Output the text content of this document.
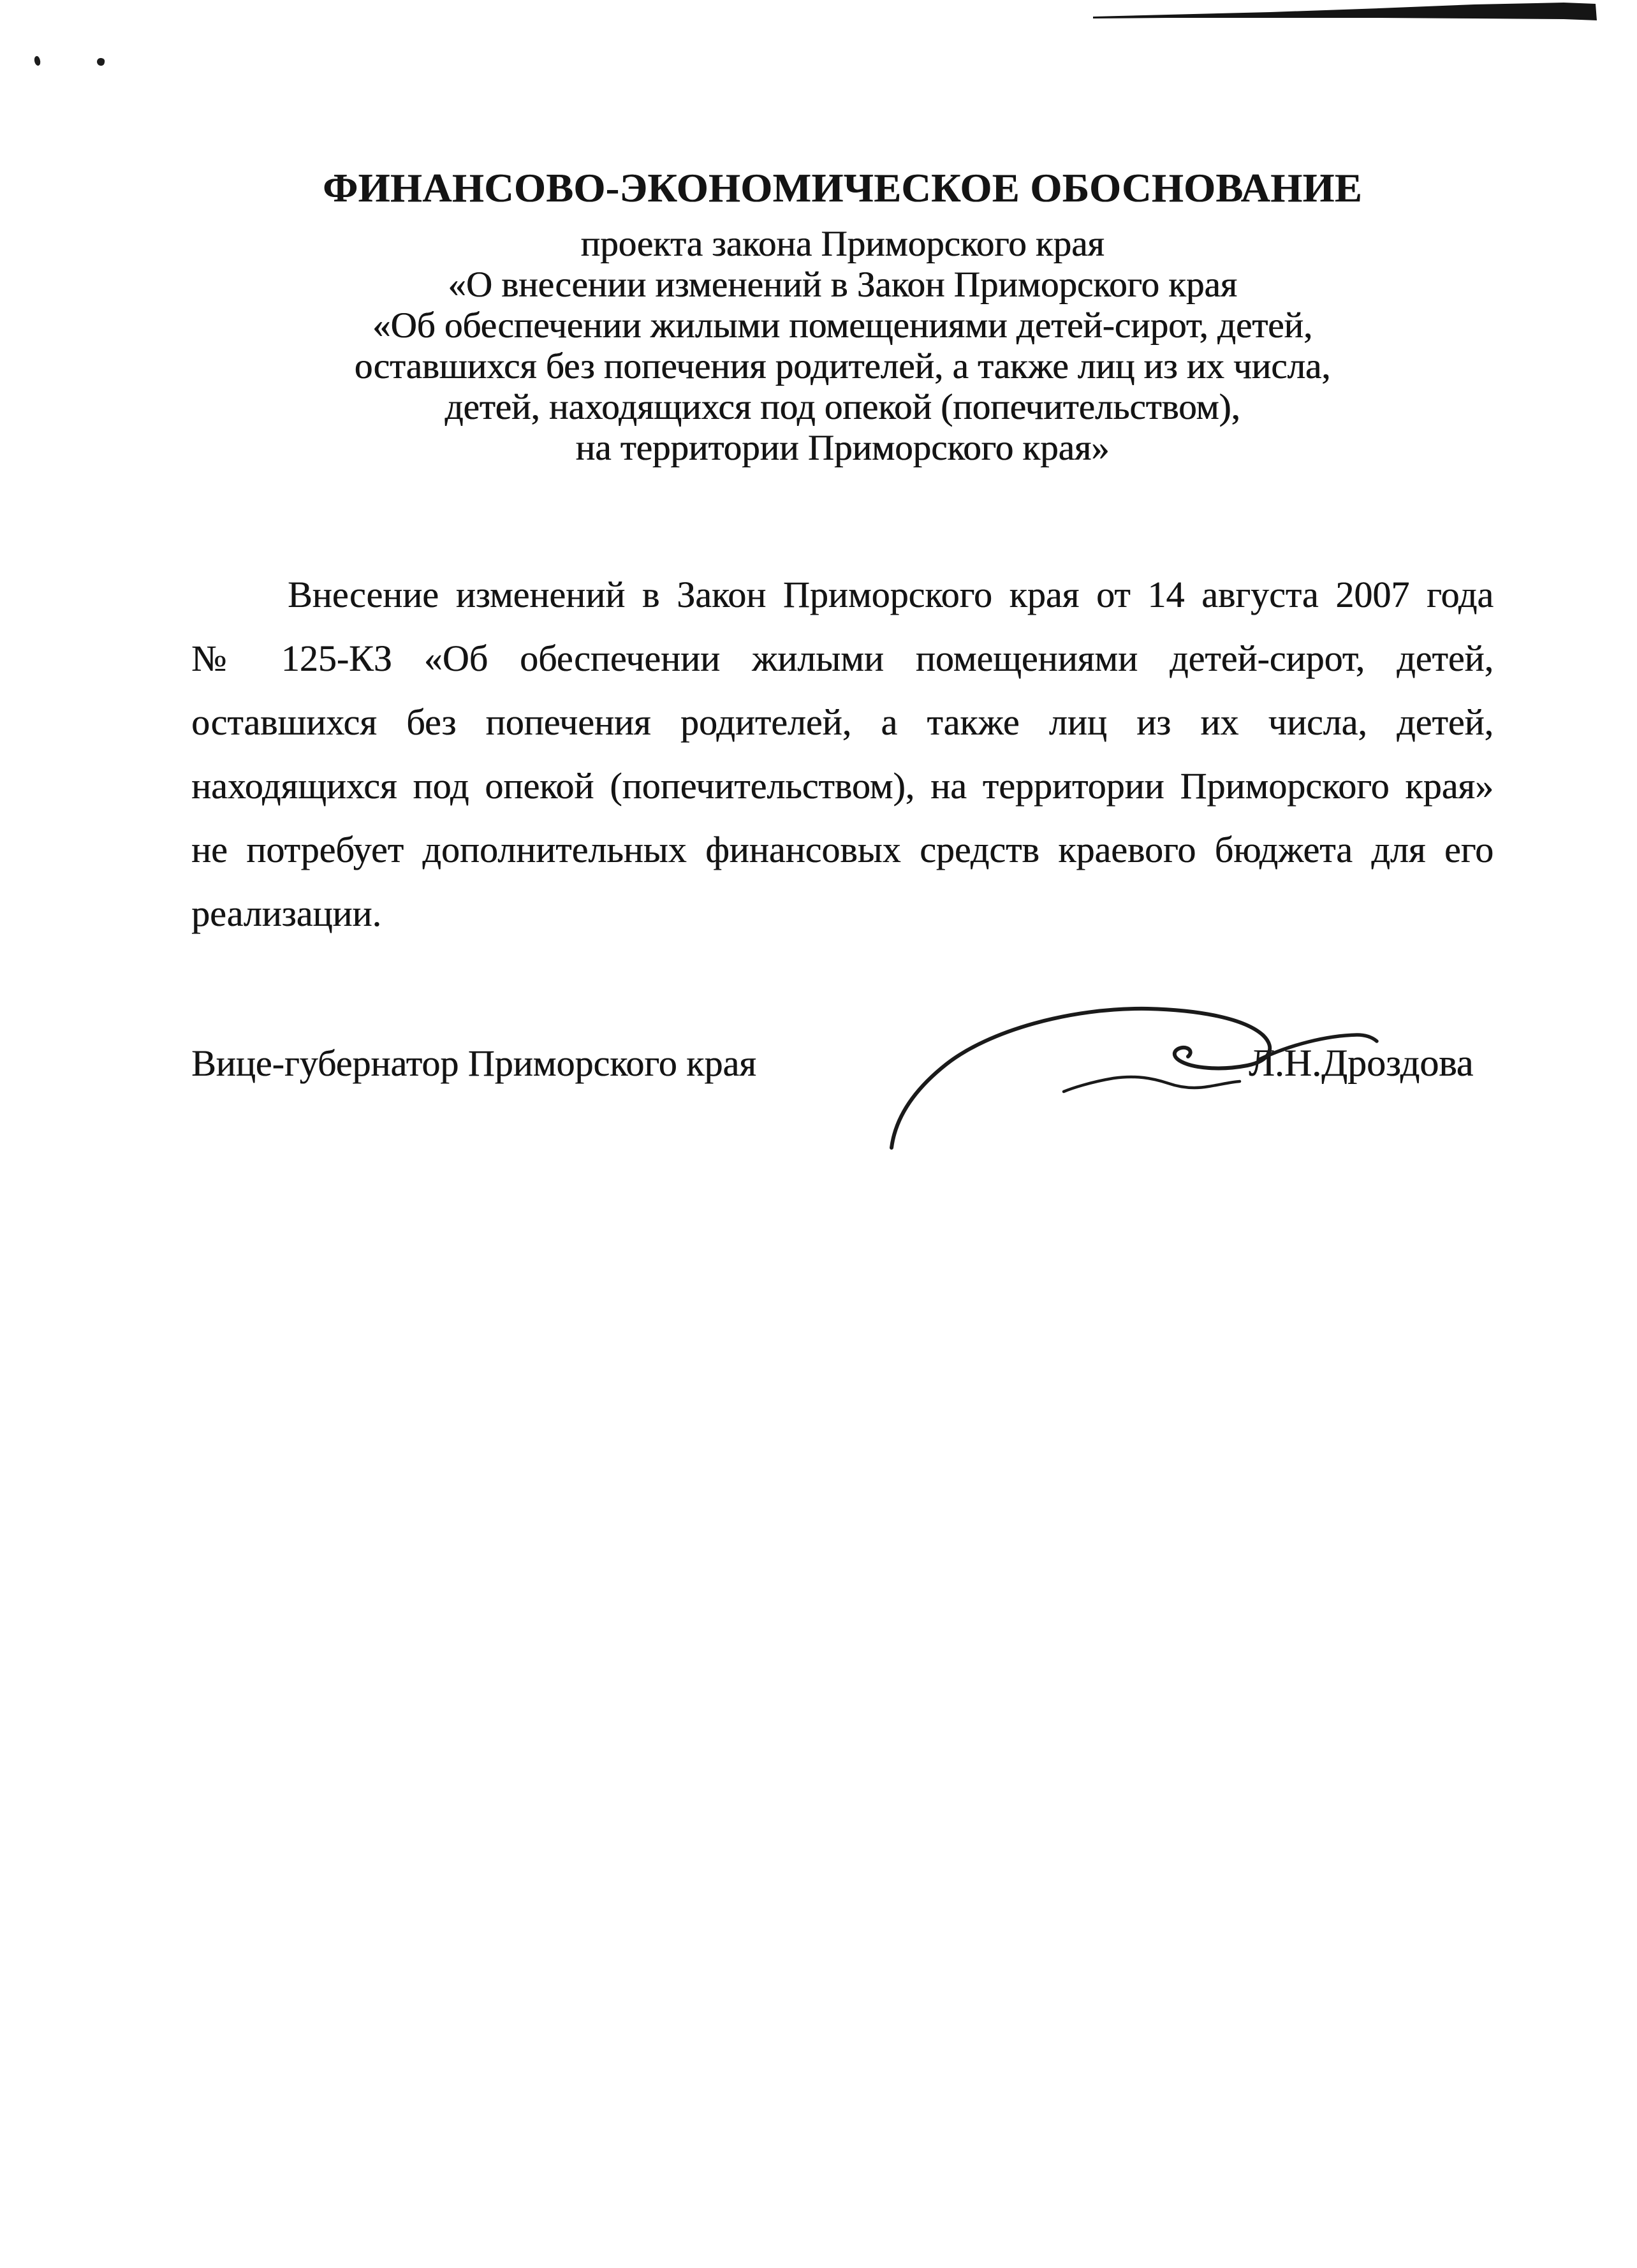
ФИНАНСОВО-ЭКОНОМИЧЕСКОЕ ОБОСНОВАНИЕ
проекта закона Приморского края
«О внесении изменений в Закон Приморского края
«Об обеспечении жилыми помещениями детей-сирот, детей,
оставшихся без попечения родителей, а также лиц из их числа,
детей, находящихся под опекой (попечительством),
на территории Приморского края»
Внесение изменений в Закон Приморского края от 14 августа 2007 года
№ 125-КЗ «Об обеспечении жилыми помещениями детей-сирот, детей,
оставшихся без попечения родителей, а также лиц из их числа, детей,
находящихся под опекой (попечительством), на территории Приморского края»
не потребует дополнительных финансовых средств краевого бюджета для его
реализации.
Вице-губернатор Приморского края	Л.Н.Дроздова
